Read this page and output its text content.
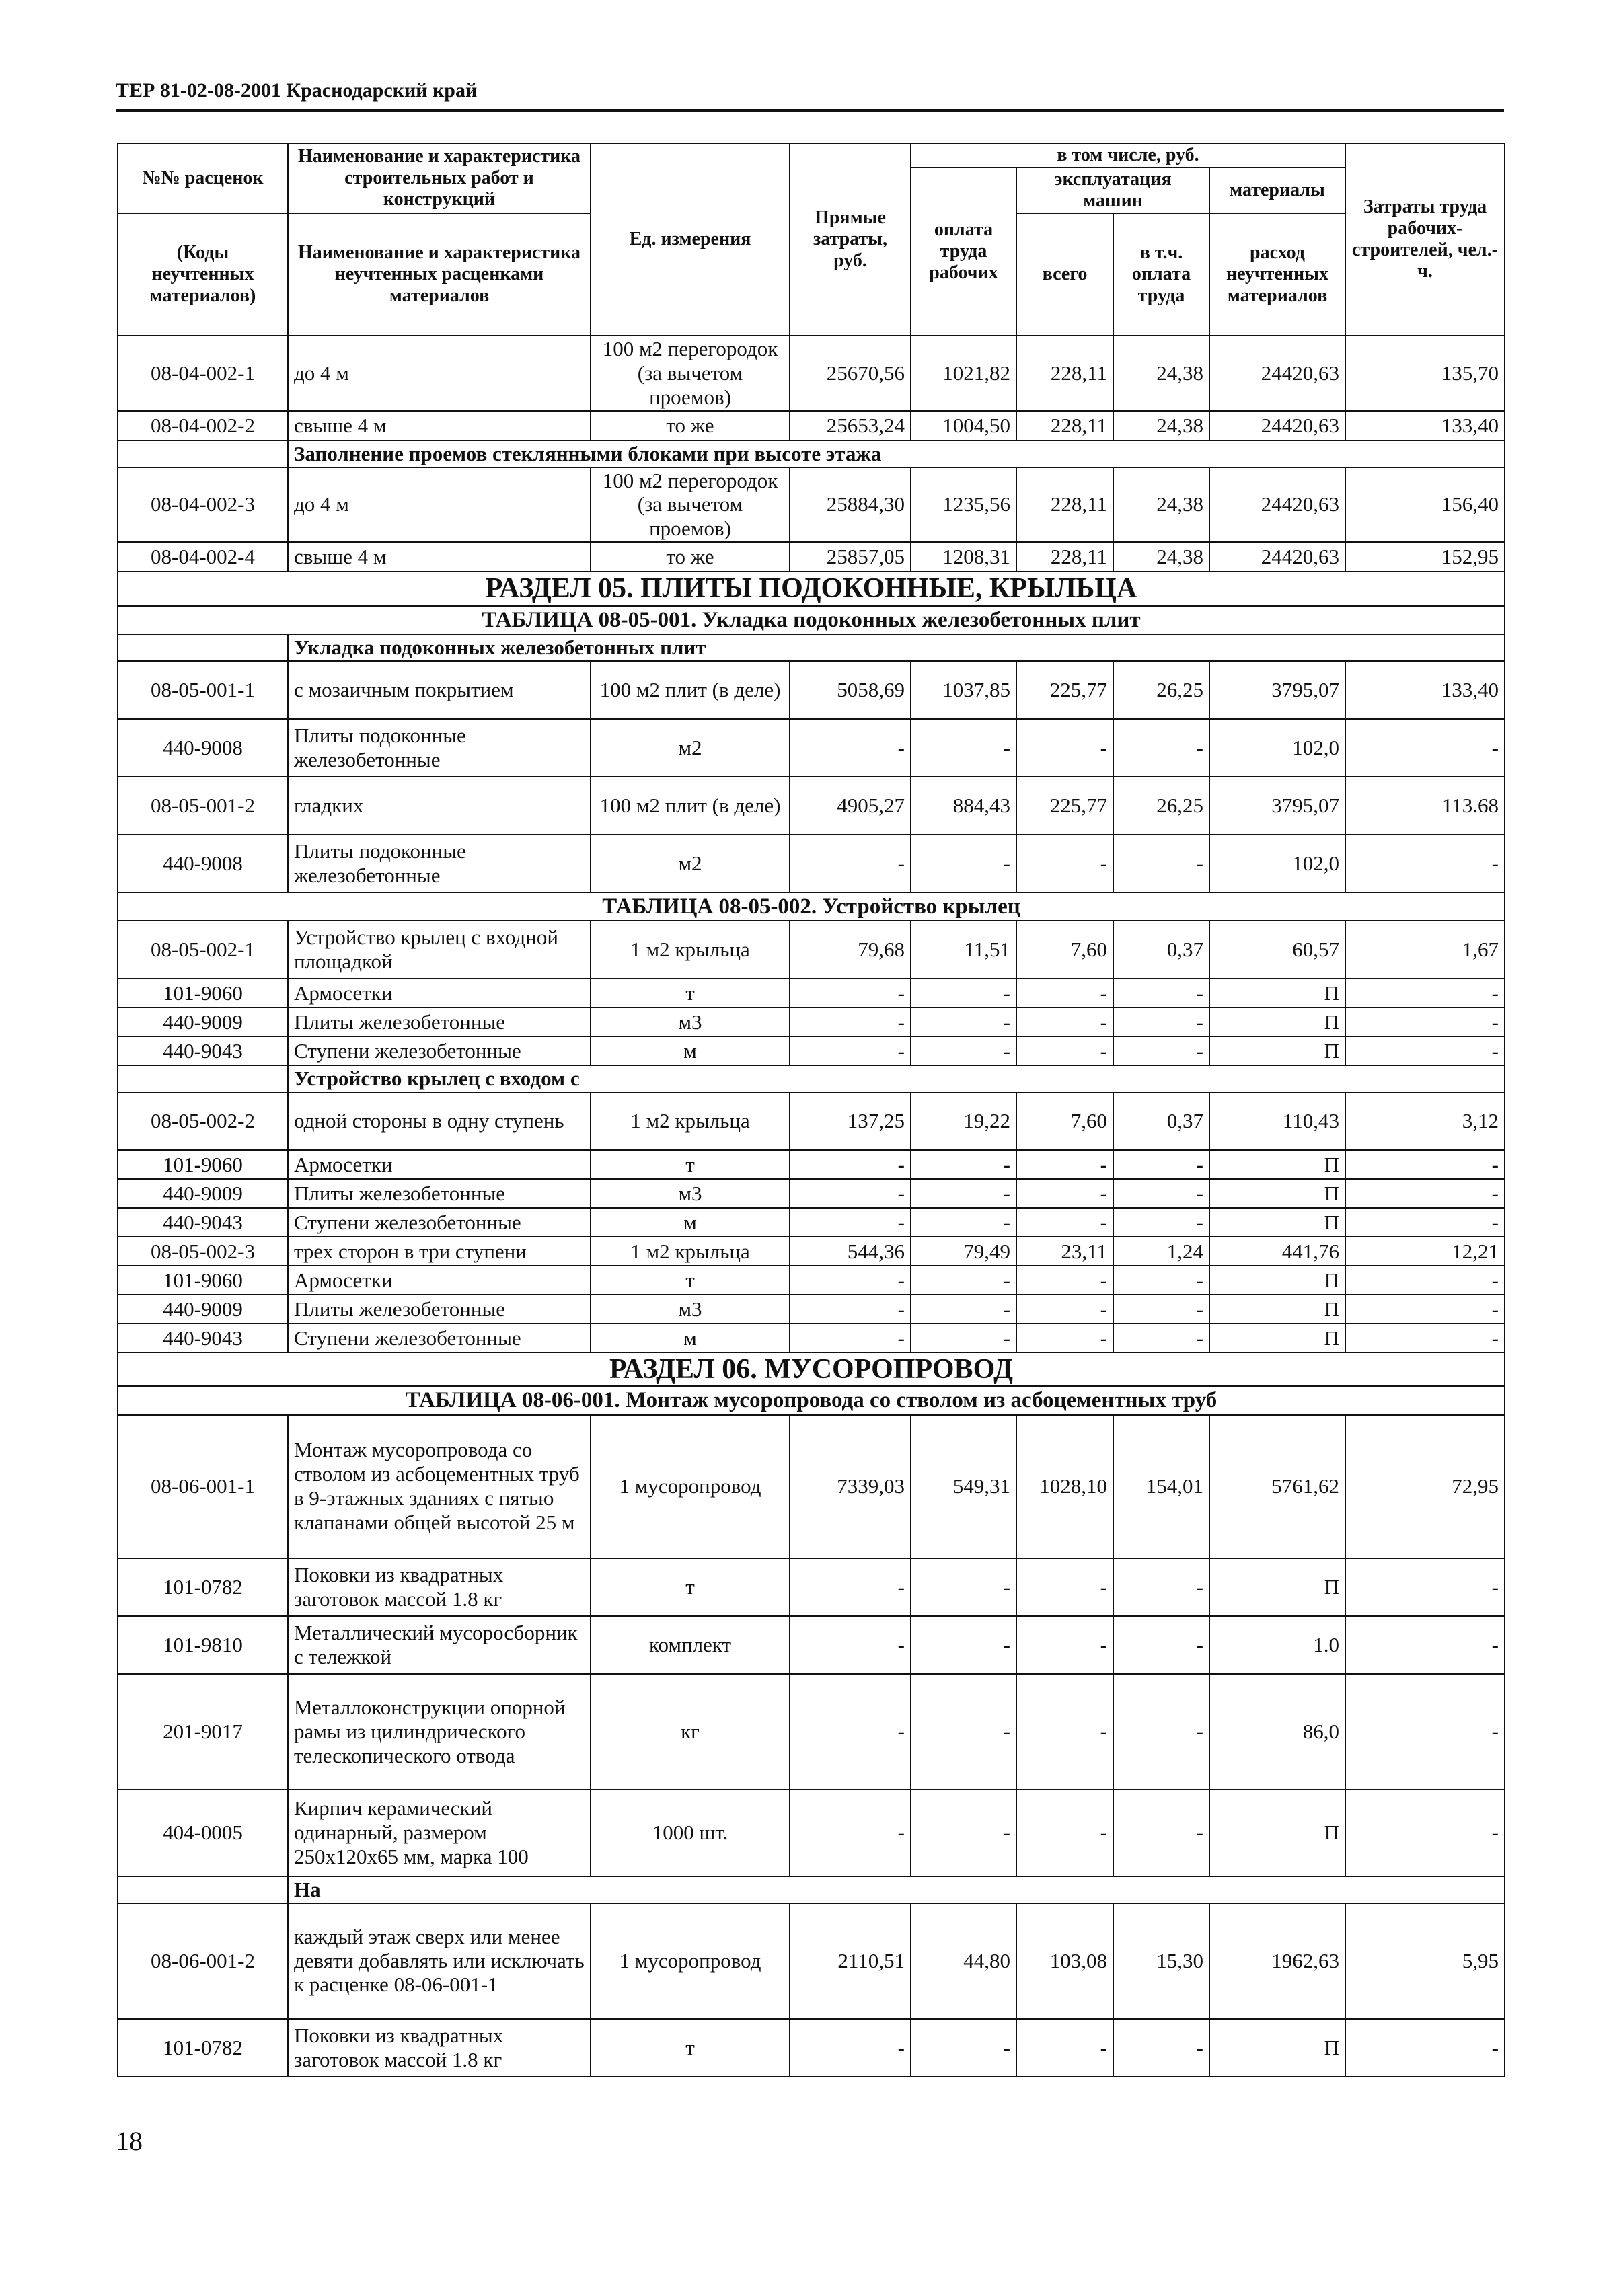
ТЕР 81-02-08-2001 Краснодарский край
№№ расценок	Наименование и характеристика строительных работ и конструкций	Ед. измерения	Прямые затраты, руб.	в том числе, руб.				Затраты труда рабочих-строителей, чел.-ч.
				оплата труда рабочих	эксплуатация машин		материалы	
(Коды неучтенных материалов)	Наименование и характеристика неучтенных расценками материалов				всего	в т.ч. оплата труда	расход неучтенных материалов	

08-04-002-1	до 4 м	100 м2 перегородок (за вычетом проемов)	25670,56	1021,82	228,11	24,38	24420,63	135,70
08-04-002-2	свыше 4 м	то же	25653,24	1004,50	228,11	24,38	24420,63	133,40
	Заполнение проемов стеклянными блоками при высоте этажа							
08-04-002-3	до 4 м	100 м2 перегородок (за вычетом проемов)	25884,30	1235,56	228,11	24,38	24420,63	156,40
08-04-002-4	свыше 4 м	то же	25857,05	1208,31	228,11	24,38	24420,63	152,95
РАЗДЕЛ 05. ПЛИТЫ ПОДОКОННЫЕ, КРЫЛЬЦА								
ТАБЛИЦА 08-05-001. Укладка подоконных железобетонных плит								
	Укладка подоконных железобетонных плит							
08-05-001-1	с мозаичным покрытием	100 м2 плит (в деле)	5058,69	1037,85	225,77	26,25	3795,07	133,40
440-9008	Плиты подоконные железобетонные	м2	-	-	-	-	102,0	-
08-05-001-2	гладких	100 м2 плит (в деле)	4905,27	884,43	225,77	26,25	3795,07	113.68
440-9008	Плиты подоконные железобетонные	м2	-	-	-	-	102,0	-
ТАБЛИЦА 08-05-002. Устройство крылец								
08-05-002-1	Устройство крылец с входной площадкой	1 м2 крыльца	79,68	11,51	7,60	0,37	60,57	1,67
101-9060	Армосетки	т	-	-	-	-	П	-
440-9009	Плиты железобетонные	м3	-	-	-	-	П	-
440-9043	Ступени железобетонные	м	-	-	-	-	П	-
	Устройство крылец с входом с							
08-05-002-2	одной стороны в одну ступень	1 м2 крыльца	137,25	19,22	7,60	0,37	110,43	3,12
101-9060	Армосетки	т	-	-	-	-	П	-
440-9009	Плиты железобетонные	м3	-	-	-	-	П	-
440-9043	Ступени железобетонные	м	-	-	-	-	П	-
08-05-002-3	трех сторон в три ступени	1 м2 крыльца	544,36	79,49	23,11	1,24	441,76	12,21
101-9060	Армосетки	т	-	-	-	-	П	-
440-9009	Плиты железобетонные	м3	-	-	-	-	П	-
440-9043	Ступени железобетонные	м	-	-	-	-	П	-
РАЗДЕЛ 06. МУСОРОПРОВОД								
ТАБЛИЦА 08-06-001. Монтаж мусоропровода со стволом из асбоцементных труб								
08-06-001-1	Монтаж мусоропровода со стволом из асбоцементных труб в 9-этажных зданиях с пятью клапанами общей высотой 25 м	1 мусоропровод	7339,03	549,31	1028,10	154,01	5761,62	72,95
101-0782	Поковки из квадратных заготовок массой 1.8 кг	т	-	-	-	-	П	-
101-9810	Металлический мусоросборник с тележкой	комплект	-	-	-	-	1.0	-
201-9017	Металлоконструкции опорной рамы из цилиндрического телескопического отвода	кг	-	-	-	-	86,0	-
404-0005	Кирпич керамический одинарный, размером 250х120х65 мм, марка 100	1000 шт.	-	-	-	-	П	-
	На							
08-06-001-2	каждый этаж сверх или менее девяти добавлять или исключать к расценке 08-06-001-1	1 мусоропровод	2110,51	44,80	103,08	15,30	1962,63	5,95
101-0782	Поковки из квадратных заготовок массой 1.8 кг	т	-	-	-	-	П	-
18
